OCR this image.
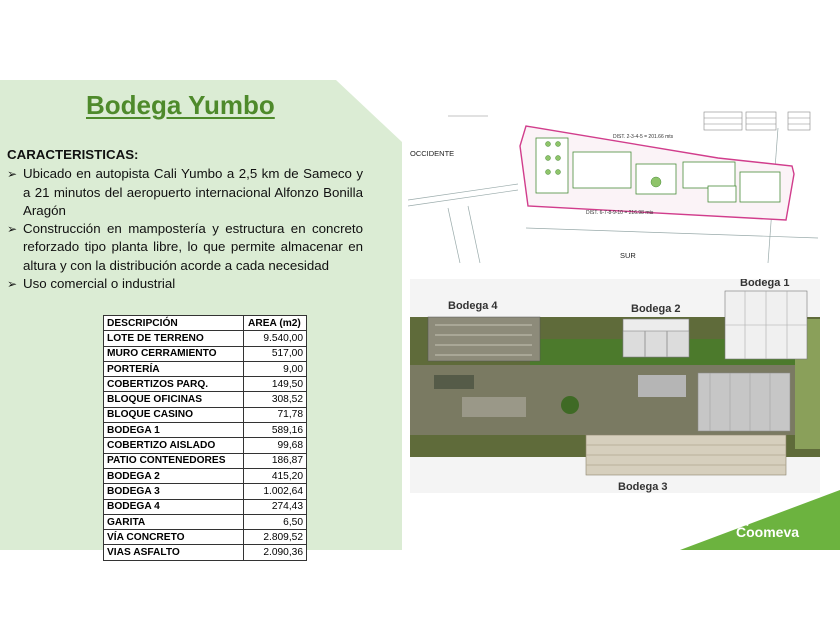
Bodega Yumbo
CARACTERISTICAS:
➢ Ubicado en autopista Cali Yumbo a 2,5 km de Sameco y a 21 minutos del aeropuerto internacional Alfonzo Bonilla Aragón
➢ Construcción en mampostería y estructura en concreto reforzado tipo planta libre, lo que permite almacenar en altura y con la distribución acorde a cada necesidad
➢ Uso comercial o industrial
DESCRIPCIÓN	AREA (m2)
LOTE DE TERRENO	9.540,00
MURO CERRAMIENTO	517,00
PORTERÍA	9,00
COBERTIZOS PARQ.	149,50
BLOQUE OFICINAS	308,52
BLOQUE CASINO	71,78
BODEGA 1	589,16
COBERTIZO AISLADO	99,68
PATIO CONTENEDORES	186,87
BODEGA 2	415,20
BODEGA 3	1.002,64
BODEGA 4	274,43
GARITA	6,50
VÍA CONCRETO	2.809,52
VIAS ASFALTO	2.090,36
OCCIDENTE
SUR
DIST. 2-3-4-5 = 201.66 mts
DIST. 6-7-8-9-10 = 216.98 mts
Bodega 4	Bodega 2
Bodega 1
Bodega 3
Coomeva
